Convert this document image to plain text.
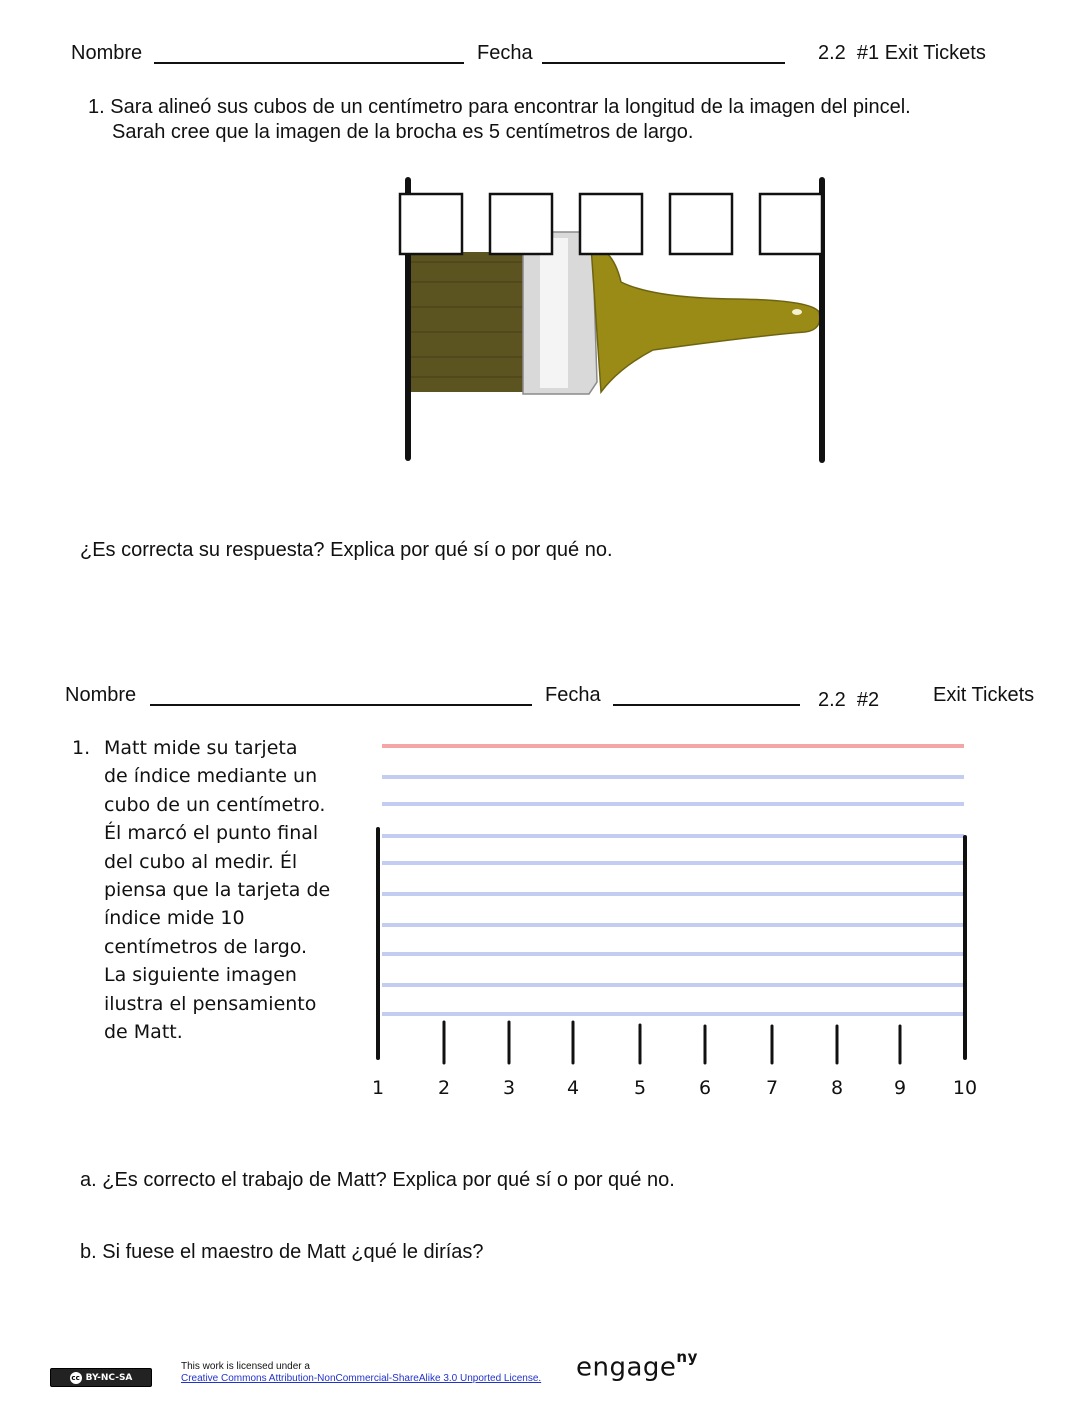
Nombre	Fecha	2.2  #1 Exit Tickets
1. Sara alineó sus cubos de un centímetro para encontrar la longitud de la imagen del pincel.
Sarah cree que la imagen de la brocha es 5 centímetros de largo.
¿Es correcta su respuesta? Explica por qué sí o por qué no.
Nombre	Fecha	2.2  #2	Exit Tickets
1. Matt mide su tarjeta
de índice mediante un
cubo de un centímetro.
Él marcó el punto final
del cubo al medir. Él
piensa que la tarjeta de
índice mide 10
centímetros de largo.
La siguiente imagen
ilustra el pensamiento
de Matt.
1	2	3	4	5	6	7	8	9 10
a. ¿Es correcto el trabajo de Matt? Explica por qué sí o por qué no.
b. Si fuese el maestro de Matt ¿qué le dirías?
cc BY-NC-SA
This work is licensed under a
Creative Commons Attribution-NonCommercial-ShareAlike 3.0 Unported License. engage$^{ny}$
